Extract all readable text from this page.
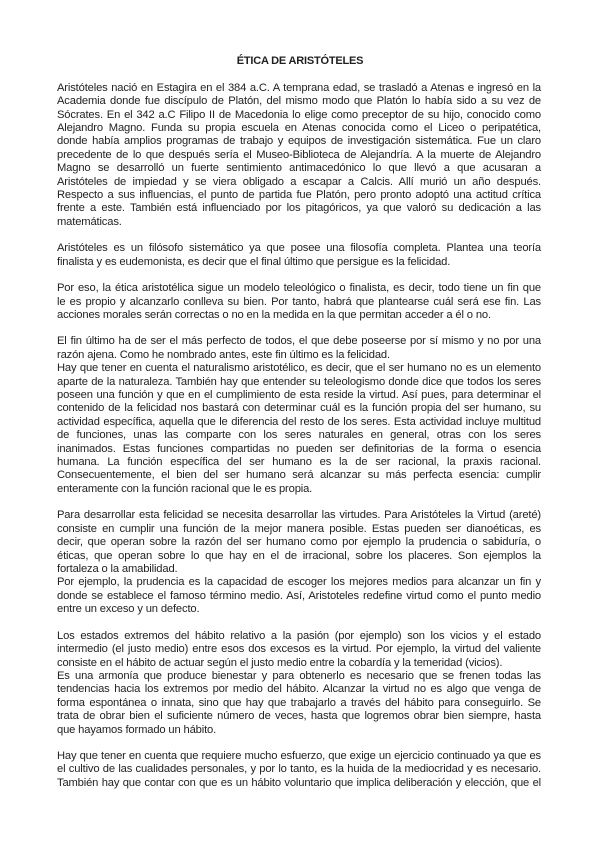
ÉTICA DE ARISTÓTELES
Aristóteles nació en Estagira en el 384 a.C. A temprana edad, se trasladó a Atenas e ingresó en la
Academia donde fue discípulo de Platón, del mismo modo que Platón lo había sido a su vez de
Sócrates. En el 342 a.C Filipo II de Macedonia lo elige como preceptor de su hijo, conocido como
Alejandro Magno. Funda su propia escuela en Atenas conocida como el Liceo o peripatética,
donde había amplios programas de trabajo y equipos de investigación sistemática. Fue un claro
precedente de lo que después sería el Museo-Biblioteca de Alejandría. A la muerte de Alejandro
Magno se desarrolló un fuerte sentimiento antimacedónico lo que llevó a que acusaran a
Aristóteles de impiedad y se viera obligado a escapar a Calcis. Allí murió un año después.
Respecto a sus influencias, el punto de partida fue Platón, pero pronto adoptó una actitud crítica
frente a este. También está influenciado por los pitagóricos, ya que valoró su dedicación a las
matemáticas.
Aristóteles es un filósofo sistemático ya que posee una filosofía completa. Plantea una teoría
finalista y es eudemonista, es decir que el final último que persigue es la felicidad.
Por eso, la ética aristotélica sigue un modelo teleológico o finalista, es decir, todo tiene un fin que
le es propio y alcanzarlo conlleva su bien. Por tanto, habrá que plantearse cuál será ese fin. Las
acciones morales serán correctas o no en la medida en la que permitan acceder a él o no.
El fin último ha de ser el más perfecto de todos, el que debe poseerse por sí mismo y no por una
razón ajena. Como he nombrado antes, este fin último es la felicidad.
Hay que tener en cuenta el naturalismo aristotélico, es decir, que el ser humano no es un elemento
aparte de la naturaleza. También hay que entender su teleologismo donde dice que todos los seres
poseen una función y que en el cumplimiento de esta reside la virtud. Así pues, para determinar el
contenido de la felicidad nos bastará con determinar cuál es la función propia del ser humano, su
actividad específica, aquella que le diferencia del resto de los seres. Esta actividad incluye multitud
de funciones, unas las comparte con los seres naturales en general, otras con los seres
inanimados. Estas funciones compartidas no pueden ser definitorias de la forma o esencia
humana. La función específica del ser humano es la de ser racional, la praxis racional.
Consecuentemente, el bien del ser humano será alcanzar su más perfecta esencia: cumplir
enteramente con la función racional que le es propia.
Para desarrollar esta felicidad se necesita desarrollar las virtudes. Para Aristóteles la Virtud (areté)
consiste en cumplir una función de la mejor manera posible. Estas pueden ser dianoéticas, es
decir, que operan sobre la razón del ser humano como por ejemplo la prudencia o sabiduría, o
éticas, que operan sobre lo que hay en el de irracional, sobre los placeres. Son ejemplos la
fortaleza o la amabilidad.
Por ejemplo, la prudencia es la capacidad de escoger los mejores medios para alcanzar un fin y
donde se establece el famoso término medio. Así, Aristoteles redefine virtud como el punto medio
entre un exceso y un defecto.
Los estados extremos del hábito relativo a la pasión (por ejemplo) son los vicios y el estado
intermedio (el justo medio) entre esos dos excesos es la virtud. Por ejemplo, la virtud del valiente
consiste en el hábito de actuar según el justo medio entre la cobardía y la temeridad (vicios).
Es una armonía que produce bienestar y para obtenerlo es necesario que se frenen todas las
tendencias hacia los extremos por medio del hábito. Alcanzar la virtud no es algo que venga de
forma espontánea o innata, sino que hay que trabajarlo a través del hábito para conseguirlo. Se
trata de obrar bien el suficiente número de veces, hasta que logremos obrar bien siempre, hasta
que hayamos formado un hábito.
Hay que tener en cuenta que requiere mucho esfuerzo, que exige un ejercicio continuado ya que es
el cultivo de las cualidades personales, y por lo tanto, es la huida de la mediocridad y es necesario.
También hay que contar con que es un hábito voluntario que implica deliberación y elección, que el
